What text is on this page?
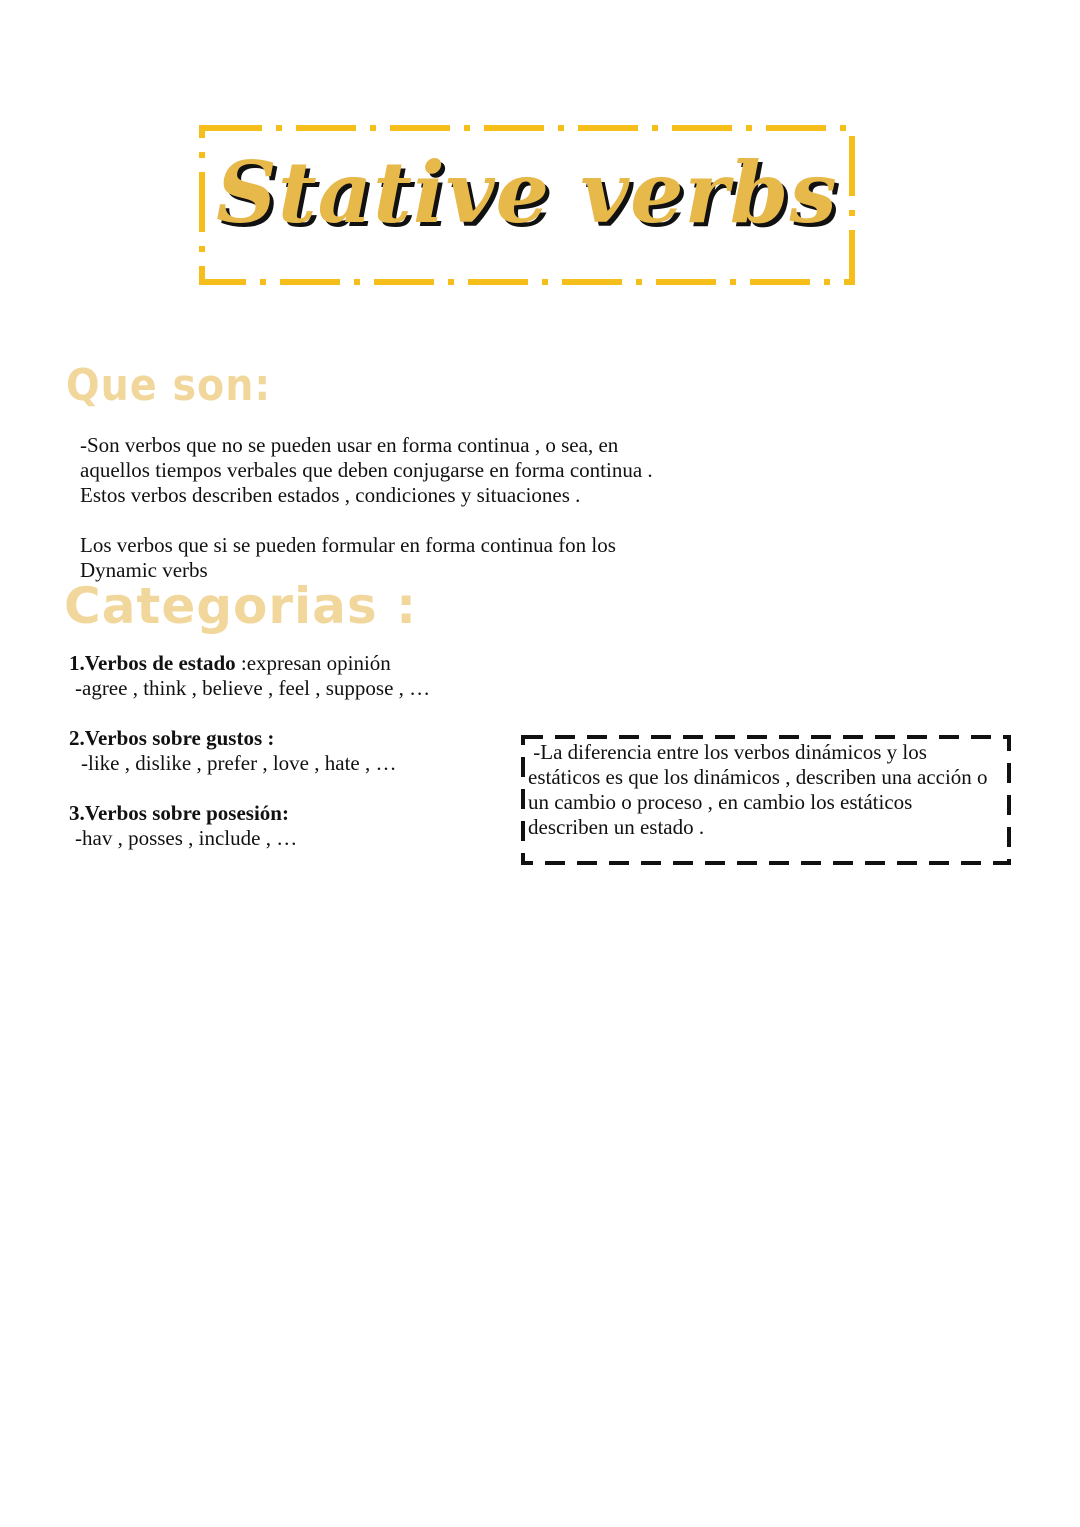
Stative verbs
Que son:
-Son verbos que no se pueden usar en forma continua , o sea, en
aquellos tiempos verbales que deben conjugarse en forma continua .
Estos verbos describen estados , condiciones y situaciones .
Los verbos que si se pueden formular en forma continua fon los
Dynamic verbs
Categorias :
1.Verbos de estado :expresan opinión
-agree , think , believe , feel , suppose , …
2.Verbos sobre gustos :
-like , dislike , prefer , love , hate , …
3.Verbos sobre posesión:
-hav , posses , include , …
-La diferencia entre los verbos dinámicos y los
estáticos es que los dinámicos , describen una acción o
un cambio o proceso , en cambio los estáticos
describen un estado .
